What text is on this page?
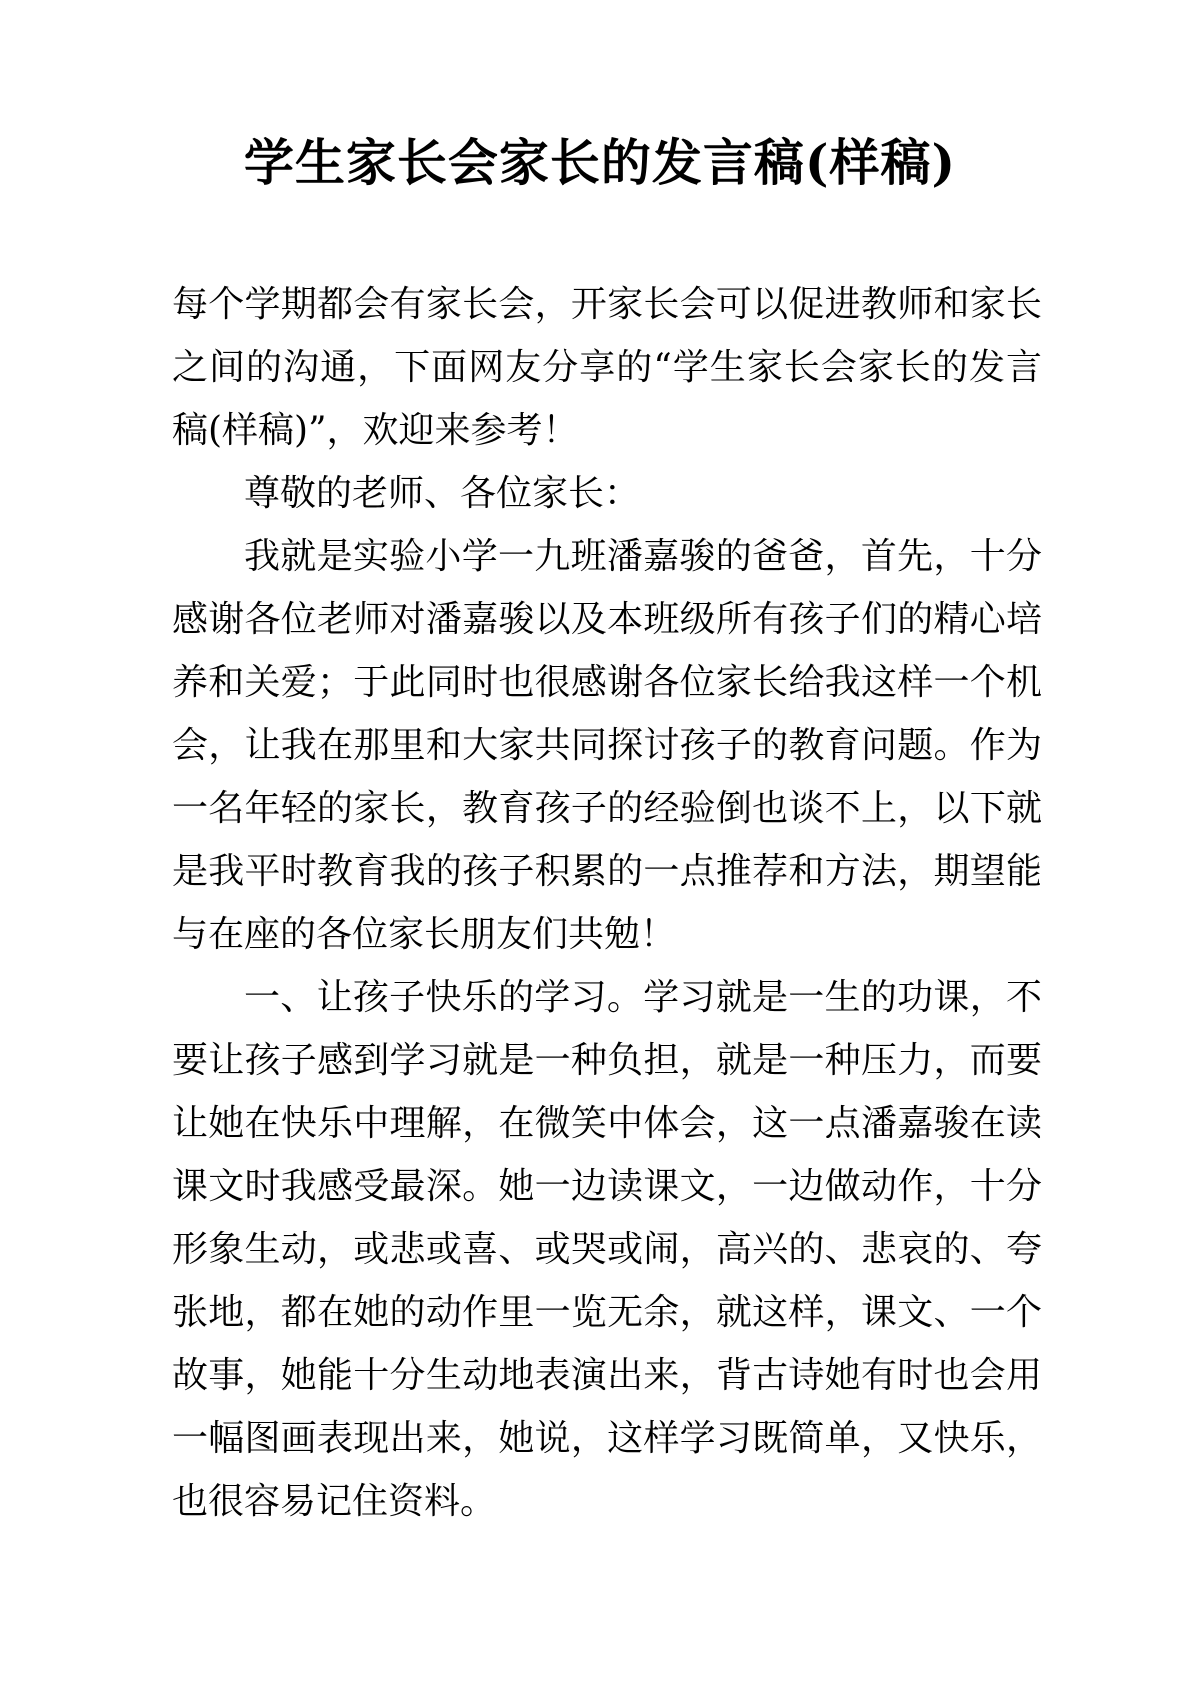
学生家长会家长的发言稿(样稿)

每个学期都会有家长会，开家长会可以促进教师和家长之间的沟通，下面网友分享的“学生家长会家长的发言稿(样稿)”，欢迎来参考！

尊敬的老师、各位家长：

我就是实验小学一九班潘嘉骏的爸爸，首先，十分感谢各位老师对潘嘉骏以及本班级所有孩子们的精心培养和关爱；于此同时也很感谢各位家长给我这样一个机会，让我在那里和大家共同探讨孩子的教育问题。作为一名年轻的家长，教育孩子的经验倒也谈不上，以下就是我平时教育我的孩子积累的一点推荐和方法，期望能与在座的各位家长朋友们共勉！

一、让孩子快乐的学习。学习就是一生的功课，不要让孩子感到学习就是一种负担，就是一种压力，而要让她在快乐中理解，在微笑中体会，这一点潘嘉骏在读课文时我感受最深。她一边读课文，一边做动作，十分形象生动，或悲或喜、或哭或闹，高兴的、悲哀的、夸张地，都在她的动作里一览无余，就这样，课文、一个故事，她能十分生动地表演出来，背古诗她有时也会用一幅图画表现出来，她说，这样学习既简单，又快乐，也很容易记住资料。
